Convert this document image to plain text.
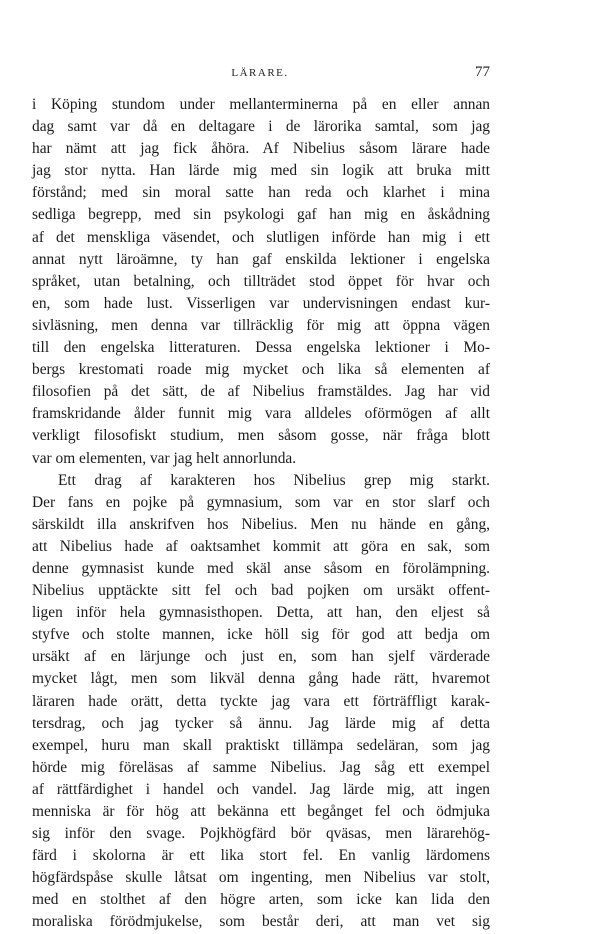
LÄRARE.	77
i Köping stundom under mellanterminerna på en eller annan
dag samt var då en deltagare i de lärorika samtal, som jag
har nämt att jag fick åhöra. Af Nibelius såsom lärare hade
jag stor nytta. Han lärde mig med sin logik att bruka mitt
förstånd; med sin moral satte han reda och klarhet i mina
sedliga begrepp, med sin psykologi gaf han mig en åskådning
af det menskliga väsendet, och slutligen införde han mig i ett
annat nytt läroämne, ty han gaf enskilda lektioner i engelska
språket, utan betalning, och tillträdet stod öppet för hvar och
en, som hade lust. Visserligen var undervisningen endast kur-
sivläsning, men denna var tillräcklig för mig att öppna vägen
till den engelska litteraturen. Dessa engelska lektioner i Mo-
bergs krestomati roade mig mycket och lika så elementen af
filosofien på det sätt, de af Nibelius framstäldes. Jag har vid
framskridande ålder funnit mig vara alldeles oförmögen af allt
verkligt filosofiskt studium, men såsom gosse, när fråga blott
var om elementen, var jag helt annorlunda.
Ett drag af karakteren hos Nibelius grep mig starkt.
Der fans en pojke på gymnasium, som var en stor slarf och
särskildt illa anskrifven hos Nibelius. Men nu hände en gång,
att Nibelius hade af oaktsamhet kommit att göra en sak, som
denne gymnasist kunde med skäl anse såsom en förolämpning.
Nibelius upptäckte sitt fel och bad pojken om ursäkt offent-
ligen inför hela gymnasisthopen. Detta, att han, den eljest så
styfve och stolte mannen, icke höll sig för god att bedja om
ursäkt af en lärjunge och just en, som han sjelf värderade
mycket lågt, men som likväl denna gång hade rätt, hvaremot
läraren hade orätt, detta tyckte jag vara ett förträffligt karak-
tersdrag, och jag tycker så ännu. Jag lärde mig af detta
exempel, huru man skall praktiskt tillämpa sedeläran, som jag
hörde mig föreläsas af samme Nibelius. Jag såg ett exempel
af rättfärdighet i handel och vandel. Jag lärde mig, att ingen
menniska är för hög att bekänna ett begånget fel och ödmjuka
sig inför den svage. Pojkhögfärd bör qväsas, men lärarehög-
färd i skolorna är ett lika stort fel. En vanlig lärdomens
högfärdspåse skulle låtsat om ingenting, men Nibelius var stolt,
med en stolthet af den högre arten, som icke kan lida den
moraliska förödmjukelse, som består deri, att man vet sig
